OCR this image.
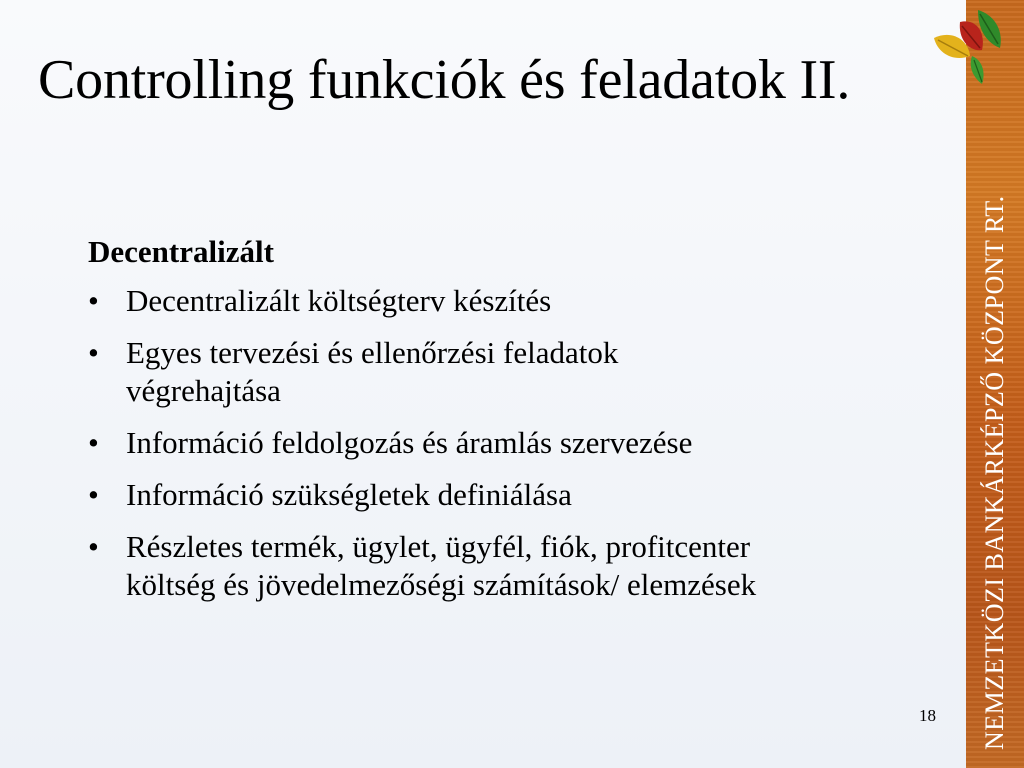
Controlling funkciók és feladatok II.
Decentralizált
• Decentralizált költségterv készítés
• Egyes tervezési és ellenőrzési feladatok
végrehajtása
• Információ feldolgozás és áramlás szervezése
• Információ szükségletek definiálása
• Részletes termék, ügylet, ügyfél, fiók, profitcenter
költség és jövedelmezőségi számítások/ elemzések
18 NEMZETKÖZI BANKÁRKÉPZŐ KÖZPONT RT.
